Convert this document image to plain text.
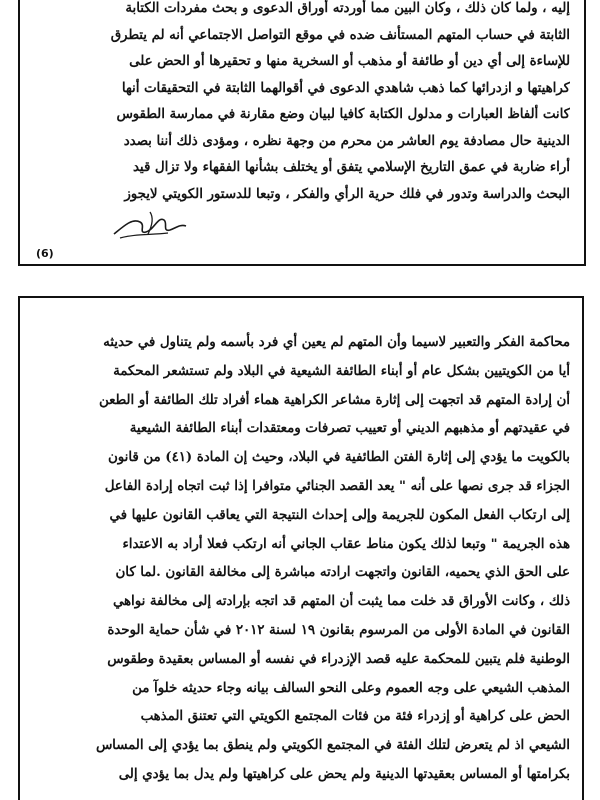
إليه ، ولما كان ذلك ، وكان البين مما أوردته أوراق الدعوى و بحث مفردات الكتابة
الثابتة في حساب المتهم المستأنف ضده في موقع التواصل الاجتماعي أنه لم يتطرق
للإساءة إلى أي دين أو طائفة أو مذهب أو السخرية منها و تحقيرها أو الحض على
كراهيتها و ازدرائها كما ذهب شاهدي الدعوى في أقوالهما الثابتة في التحقيقات أنها
كانت ألفاظ العبارات و مدلول الكتابة كافيا لبيان وضع مقارنة في ممارسة الطقوس
الدينية حال مصادفة يوم العاشر من محرم من وجهة نظره ، ومؤدى ذلك أننا بصدد
أراء ضاربة في عمق التاريخ الإسلامي يتفق أو يختلف بشأنها الفقهاء ولا تزال قيد
البحث والدراسة وتدور في فلك حرية الرأي والفكر ، وتبعا للدستور الكويتي لايجوز
(6)
محاكمة الفكر والتعبير لاسيما وأن المتهم لم يعين أي فرد بأسمه ولم يتناول في حديثه
أيا من الكويتيين بشكل عام أو أبناء الطائفة الشيعية في البلاد ولم تستشعر المحكمة
أن إرادة المتهم قد اتجهت إلى إثارة مشاعر الكراهية هماء أفراد تلك الطائفة أو الطعن
في عقيدتهم أو مذهبهم الديني أو تعييب تصرفات ومعتقدات أبناء الطائفة الشيعية
بالكويت ما يؤدي إلى إثارة الفتن الطائفية في البلاد، وحيث إن المادة (٤١) من قانون
الجزاء قد جرى نصها على أنه " يعد القصد الجنائي متوافرا إذا ثبت اتجاه إرادة الفاعل
إلى ارتكاب الفعل المكون للجريمة وإلى إحداث النتيجة التي يعاقب القانون عليها في
هذه الجريمة " وتبعا لذلك يكون مناط عقاب الجاني أنه ارتكب فعلا أراد به الاعتداء
على الحق الذي يحميه، القانون واتجهت ارادته مباشرة إلى مخالفة القانون .لما كان
ذلك ، وكانت الأوراق قد خلت مما يثبت أن المتهم قد اتجه بإرادته إلى مخالفة نواهي
القانون في المادة الأولى من المرسوم بقانون ١٩ لسنة ٢٠١٢ في شأن حماية الوحدة
الوطنية فلم يتبين للمحكمة عليه قصد الإزدراء في نفسه أو المساس بعقيدة وطقوس
المذهب الشيعي على وجه العموم وعلى النحو السالف بيانه وجاء حديثه خلوآ من
الحض على كراهية أو إزدراء فئة من فئات المجتمع الكويتي التي تعتنق المذهب
الشيعي اذ لم يتعرض لتلك الفئة في المجتمع الكويتي ولم ينطق بما يؤدي إلى المساس
بكرامتها أو المساس بعقيدتها الدينية ولم يحض على كراهيتها ولم يدل بما يؤدي إلى
